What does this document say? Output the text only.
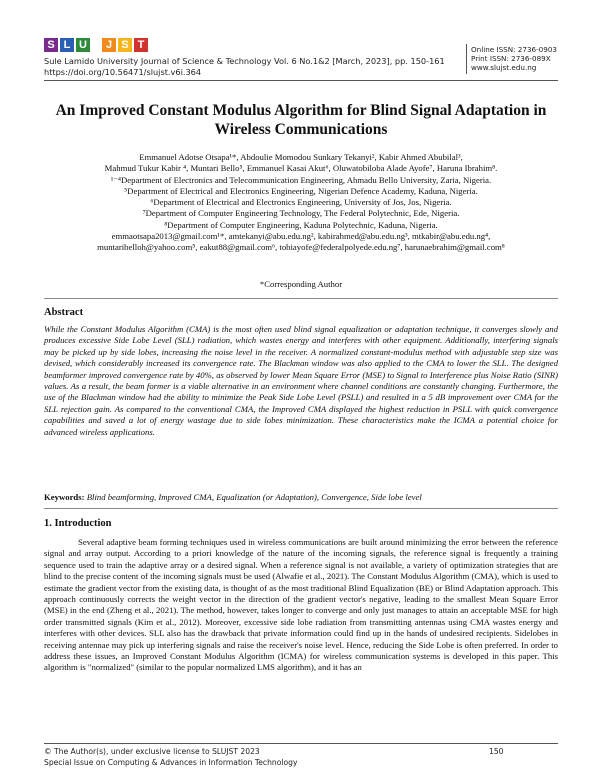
S L U	J S T
Sule Lamido University Journal of Science & Technology Vol. 6 No.1&2 [March, 2023], pp. 150-161
https://doi.org/10.56471/slujst.v6i.364
Online ISSN: 2736-0903
Print ISSN: 2736-089X
www.slujst.edu.ng
An Improved Constant Modulus Algorithm for Blind Signal Adaptation in Wireless Communications
Emmanuel Adotse Otsapa¹*, Abdoulie Momodou Sunkary Tekanyi², Kabir Ahmed Abubilal³,
Mahmud Tukur Kabir ⁴, Muntari Bello⁵, Emmanuel Kasai Akut⁶, Oluwatobiloba Alade Ayofe⁷, Haruna Ibrahim⁸.
¹⁻⁴Department of Electronics and Telecommunication Engineering, Ahmadu Bello University, Zaria, Nigeria.
⁵Department of Electrical and Electronics Engineering, Nigerian Defence Academy, Kaduna, Nigeria.
⁶Department of Electrical and Electronics Engineering, University of Jos, Jos, Nigeria.
⁷Department of Computer Engineering Technology, The Federal Polytechnic, Ede, Nigeria.
⁸Department of Computer Engineering, Kaduna Polytechnic, Kaduna, Nigeria.
emmaotsapa2013@gmail.com¹*, amtekanyi@abu.edu.ng², kabirahmed@abu.edu.ng³, mtkabir@abu.edu.ng⁴,
muntaribelloh@yahoo.com⁵, eakut88@gmail.com⁶, tobiayofe@federalpolyede.edu.ng⁷, harunaebrahim@gmail.com⁸
*Corresponding Author
Abstract
While the Constant Modulus Algorithm (CMA) is the most often used blind signal equalization or adaptation technique, it converges slowly and produces excessive Side Lobe Level (SLL) radiation, which wastes energy and interferes with other equipment. Additionally, interfering signals may be picked up by side lobes, increasing the noise level in the receiver. A normalized constant-modulus method with adjustable step size was devised, which considerably increased its convergence rate. The Blackman window was also applied to the CMA to lower the SLL. The designed beamformer improved convergence rate by 40%, as observed by lower Mean Square Error (MSE) to Signal to Interference plus Noise Ratio (SINR) values. As a result, the beam former is a viable alternative in an environment where channel conditions are constantly changing. Furthermore, the use of the Blackman window had the ability to minimize the Peak Side Lobe Level (PSLL) and resulted in a 5 dB improvement over CMA for the SLL rejection gain. As compared to the conventional CMA, the Improved CMA displayed the highest reduction in PSLL with quick convergence capabilities and saved a lot of energy wastage due to side lobes minimization. These characteristics make the ICMA a potential choice for advanced wireless applications.
Keywords: Blind beamforming, Improved CMA, Equalization (or Adaptation), Convergence, Side lobe level
1. Introduction
Several adaptive beam forming techniques used in wireless communications are built around minimizing the error between the reference signal and array output. According to a priori knowledge of the nature of the incoming signals, the reference signal is frequently a training sequence used to train the adaptive array or a desired signal. When a reference signal is not available, a variety of optimization strategies that are blind to the precise content of the incoming signals must be used (Alwafie et al., 2021). The Constant Modulus Algorithm (CMA), which is used to estimate the gradient vector from the existing data, is thought of as the most traditional Blind Equalization (BE) or Blind Adaptation approach. This approach continuously corrects the weight vector in the direction of the gradient vector's negative, leading to the smallest Mean Square Error (MSE) in the end (Zheng et al., 2021). The method, however, takes longer to converge and only just manages to attain an acceptable MSE for high order transmitted signals (Kim et al., 2012). Moreover, excessive side lobe radiation from transmitting antennas using CMA wastes energy and interferes with other devices. SLL also has the drawback that private information could find up in the hands of undesired recipients. Sidelobes in receiving antennae may pick up interfering signals and raise the receiver's noise level. Hence, reducing the Side Lobe is often preferred. In order to address these issues, an Improved Constant Modulus Algorithm (ICMA) for wireless communication systems is developed in this paper. This algorithm is "normalized" (similar to the popular normalized LMS algorithm), and it has an
© The Author(s), under exclusive license to SLUJST 2023
Special Issue on Computing & Advances in Information Technology
150
